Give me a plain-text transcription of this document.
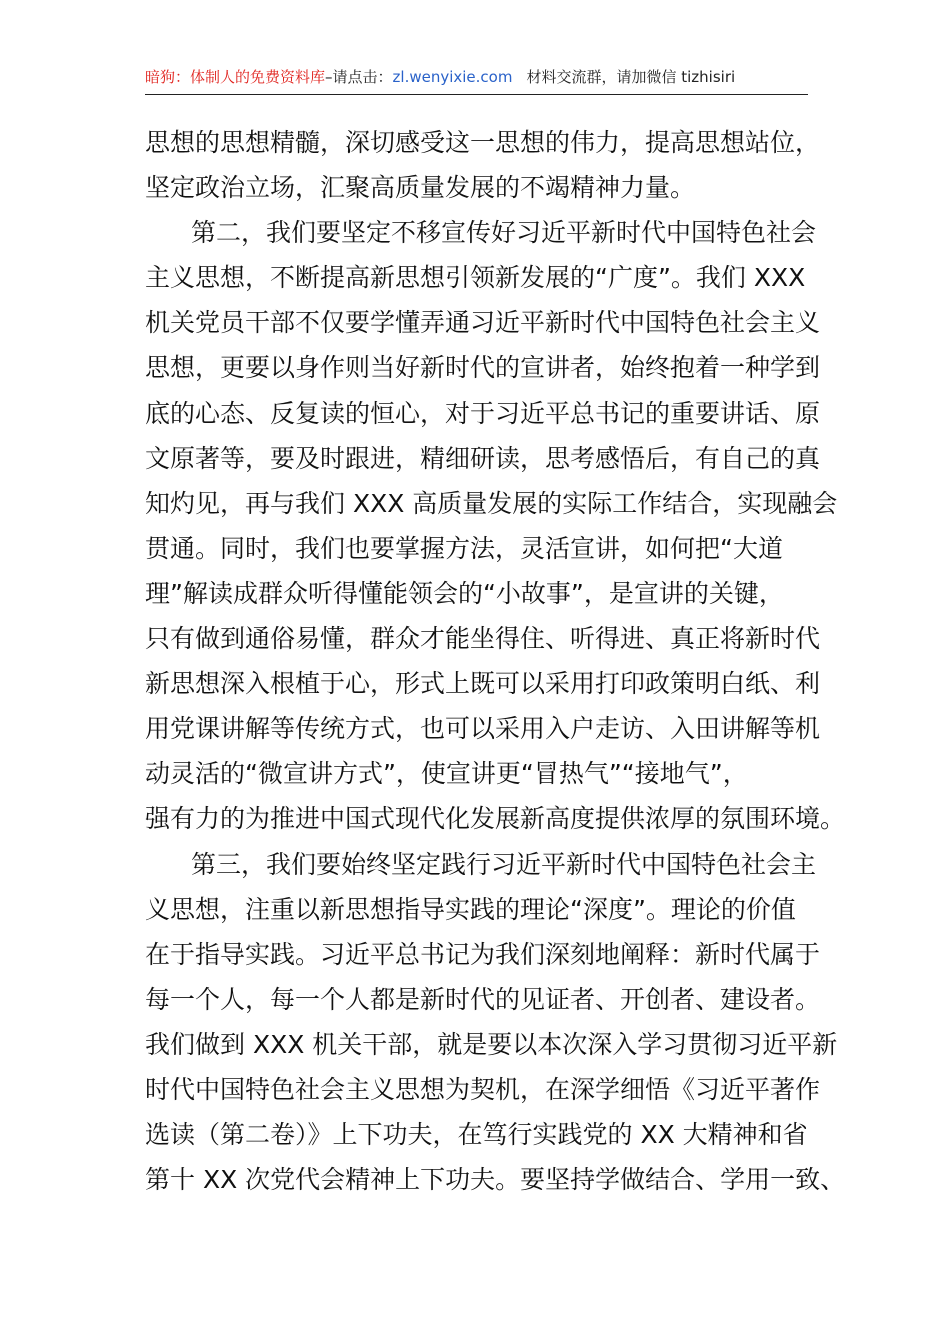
暗狗：体制人的免费资料库–请点击：zl.wenyixie.com 材料交流群，请加微信 tizhisiri
思想的思想精髓，深切感受这一思想的伟力，提高思想站位，
坚定政治立场，汇聚高质量发展的不竭精神力量。
第二，我们要坚定不移宣传好习近平新时代中国特色社会
主义思想，不断提高新思想引领新发展的“广度”。我们 XXX
机关党员干部不仅要学懂弄通习近平新时代中国特色社会主义
思想，更要以身作则当好新时代的宣讲者，始终抱着一种学到
底的心态、反复读的恒心，对于习近平总书记的重要讲话、原
文原著等，要及时跟进，精细研读，思考感悟后，有自己的真
知灼见，再与我们 XXX 高质量发展的实际工作结合，实现融会
贯通。同时，我们也要掌握方法，灵活宣讲，如何把“大道
理”解读成群众听得懂能领会的“小故事”，是宣讲的关键，
只有做到通俗易懂，群众才能坐得住、听得进、真正将新时代
新思想深入根植于心，形式上既可以采用打印政策明白纸、利
用党课讲解等传统方式，也可以采用入户走访、入田讲解等机
动灵活的“微宣讲方式”，使宣讲更“冒热气”“接地气”，
强有力的为推进中国式现代化发展新高度提供浓厚的氛围环境。
第三，我们要始终坚定践行习近平新时代中国特色社会主
义思想，注重以新思想指导实践的理论“深度”。理论的价值
在于指导实践。习近平总书记为我们深刻地阐释：新时代属于
每一个人，每一个人都是新时代的见证者、开创者、建设者。
我们做到 XXX 机关干部，就是要以本次深入学习贯彻习近平新
时代中国特色社会主义思想为契机，在深学细悟《习近平著作
选读（第二卷）》上下功夫，在笃行实践党的 XX 大精神和省
第十 XX 次党代会精神上下功夫。要坚持学做结合、学用一致、
